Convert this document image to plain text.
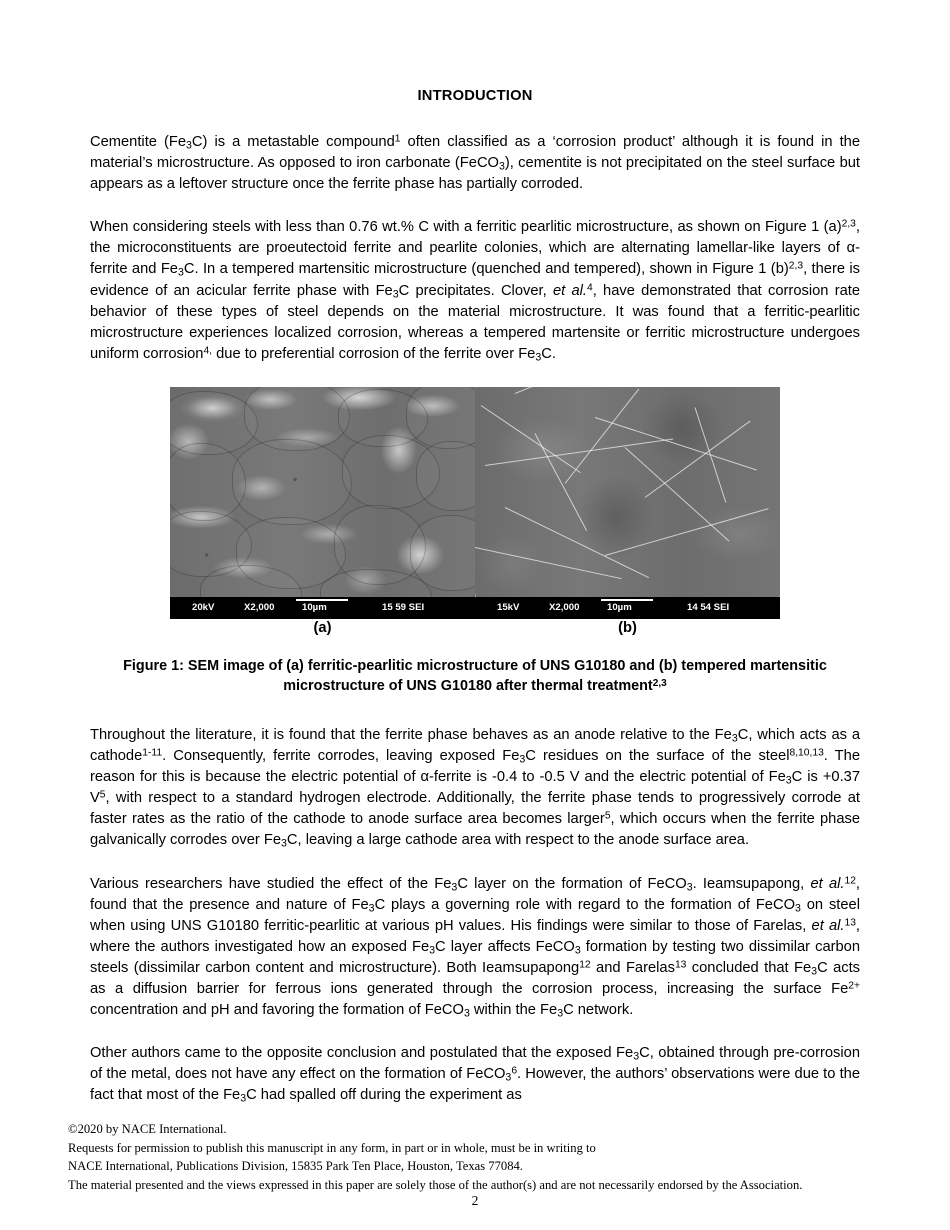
INTRODUCTION

Cementite $(Fe_3C)$ is a metastable compound$^1$ often classified as a ‘corrosion product’ although it is found in the material’s microstructure. As opposed to iron carbonate (FeCO$_3$), cementite is not precipitated on the steel surface but appears as a leftover structure once the ferrite phase has partially corroded.

When considering steels with less than 0.76 wt.% C with a ferritic pearlitic microstructure, as shown on Figure 1 $(a)^{2,3}$, the microconstituents are proeutectoid ferrite and pearlite colonies, which are alternating lamellar-like layers of α-ferrite and $Fe_3C$. In a tempered martensitic microstructure (quenched and tempered), shown in Figure 1 $(b)^{2,3}$, there is evidence of an acicular ferrite phase with $Fe_3C$ precipitates. Clover, et al.$^4$, have demonstrated that corrosion rate behavior of these types of steel depends on the material microstructure. It was found that a ferritic-pearlitic microstructure experiences localized corrosion, whereas a tempered martensite or ferritic microstructure undergoes uniform corrosion$^{4,}$ due to preferential corrosion of the ferrite over $Fe_3C$.

20kV	X2,000	10µm	15 59 SEI	15kV	X2,000	10µm	14 54 SEI
(a)	(b)
Figure 1: SEM image of (a) ferritic-pearlitic microstructure of UNS G10180 and (b) tempered martensitic microstructure of UNS G10180 after thermal treatment$^{2,3}$

Throughout the literature, it is found that the ferrite phase behaves as an anode relative to the $Fe_3C$, which acts as a cathode$^{1-11}$. Consequently, ferrite corrodes, leaving exposed $Fe_3C$ residues on the surface of the steel$^{8,10,13}$. The reason for this is because the electric potential of α-ferrite is -0.4 to -0.5 V and the electric potential of $Fe_3C$ is +0.37 $V^5$, with respect to a standard hydrogen electrode. Additionally, the ferrite phase tends to progressively corrode at faster rates as the ratio of the cathode to anode surface area becomes larger$^5$, which occurs when the ferrite phase galvanically corrodes over $Fe_3C$, leaving a large cathode area with respect to the anode surface area.

Various researchers have studied the effect of the $Fe_3C$ layer on the formation of FeCO$_3$. Ieamsupapong, et al.$^{12}$, found that the presence and nature of $Fe_3C$ plays a governing role with regard to the formation of FeCO$_3$ on steel when using UNS G10180 ferritic-pearlitic at various pH values. His findings were similar to those of Farelas, et al.$^{13}$, where the authors investigated how an exposed $Fe_3C$ layer affects FeCO$_3$ formation by testing two dissimilar carbon steels (dissimilar carbon content and microstructure). Both Ieamsupapong$^{12}$ and Farelas$^{13}$ concluded that $Fe_3C$ acts as a diffusion barrier for ferrous ions generated through the corrosion process, increasing the surface $Fe^{2+}$ concentration and pH and favoring the formation of FeCO$_3$ within the $Fe_3C$ network.

Other authors came to the opposite conclusion and postulated that the exposed $Fe_3C$, obtained through pre-corrosion of the metal, does not have any effect on the formation of FeCO$_3^6$. However, the authors’ observations were due to the fact that most of the $Fe_3C$ had spalled off during the experiment as

©2020 by NACE International.
Requests for permission to publish this manuscript in any form, in part or in whole, must be in writing to
NACE International, Publications Division, 15835 Park Ten Place, Houston, Texas 77084.
The material presented and the views expressed in this paper are solely those of the author(s) and are not necessarily endorsed by the Association.
2
